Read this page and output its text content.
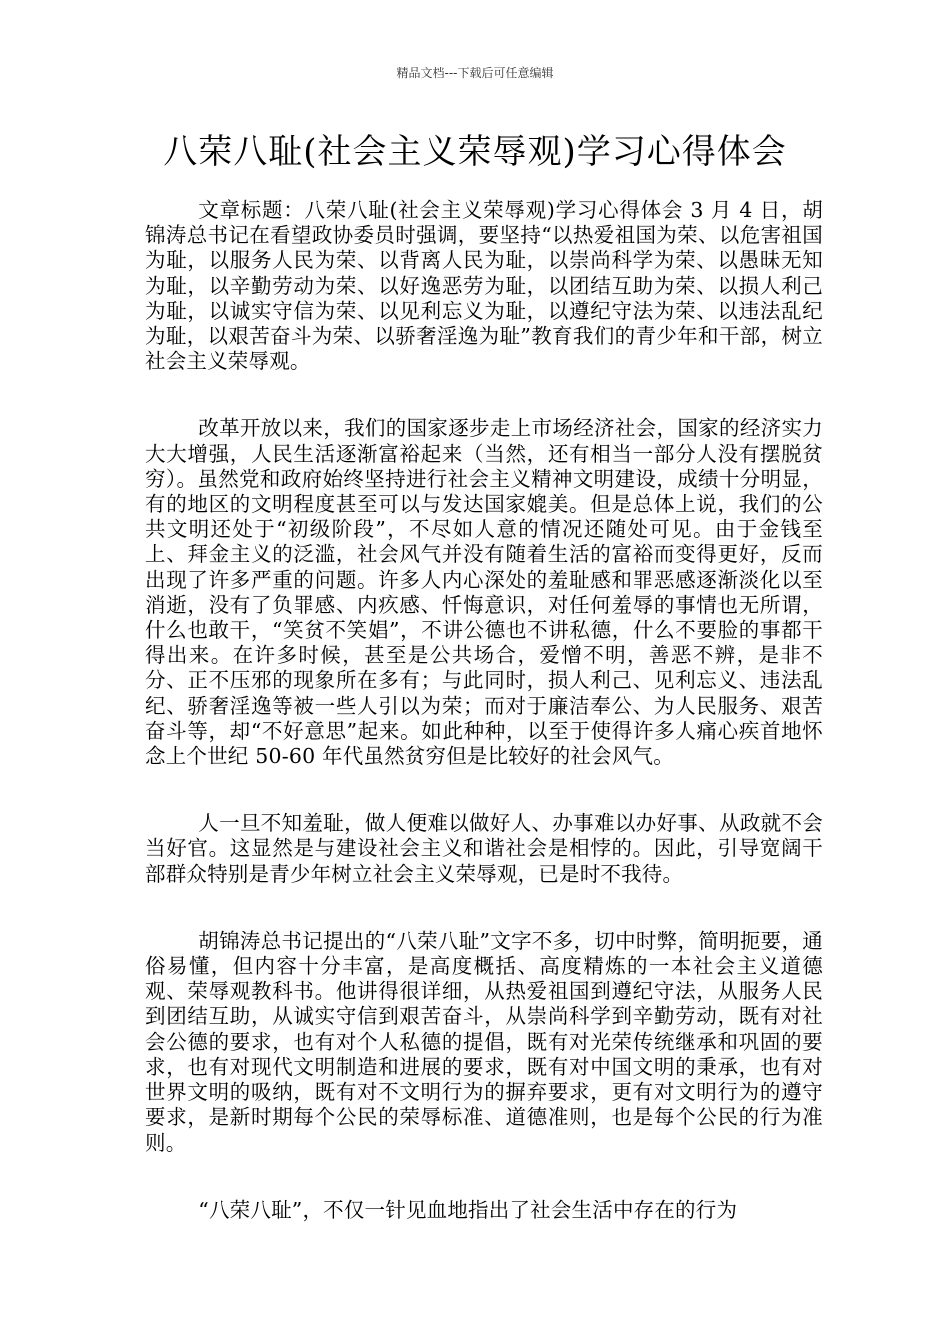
精品文档---下载后可任意编辑
八荣八耻(社会主义荣辱观)学习心得体会

文章标题：八荣八耻(社会主义荣辱观)学习心得体会 3 月 4 日，胡锦涛总书记在看望政协委员时强调，要坚持“以热爱祖国为荣、以危害祖国为耻，以服务人民为荣、以背离人民为耻，以崇尚科学为荣、以愚昧无知为耻，以辛勤劳动为荣、以好逸恶劳为耻，以团结互助为荣、以损人利己为耻，以诚实守信为荣、以见利忘义为耻，以遵纪守法为荣、以违法乱纪为耻，以艰苦奋斗为荣、以骄奢淫逸为耻”教育我们的青少年和干部，树立社会主义荣辱观。

改革开放以来，我们的国家逐步走上市场经济社会，国家的经济实力大大增强，人民生活逐渐富裕起来（当然，还有相当一部分人没有摆脱贫穷）。虽然党和政府始终坚持进行社会主义精神文明建设，成绩十分明显，有的地区的文明程度甚至可以与发达国家媲美。但是总体上说，我们的公共文明还处于“初级阶段”，不尽如人意的情况还随处可见。由于金钱至上、拜金主义的泛滥，社会风气并没有随着生活的富裕而变得更好，反而出现了许多严重的问题。许多人内心深处的羞耻感和罪恶感逐渐淡化以至消逝，没有了负罪感、内疚感、忏悔意识，对任何羞辱的事情也无所谓，什么也敢干，“笑贫不笑娼”，不讲公德也不讲私德，什么不要脸的事都干得出来。在许多时候，甚至是公共场合，爱憎不明，善恶不辨，是非不分、正不压邪的现象所在多有；与此同时，损人利己、见利忘义、违法乱纪、骄奢淫逸等被一些人引以为荣；而对于廉洁奉公、为人民服务、艰苦奋斗等，却“不好意思”起来。如此种种，以至于使得许多人痛心疾首地怀念上个世纪 50-60 年代虽然贫穷但是比较好的社会风气。

人一旦不知羞耻，做人便难以做好人、办事难以办好事、从政就不会当好官。这显然是与建设社会主义和谐社会是相悖的。因此，引导宽阔干部群众特别是青少年树立社会主义荣辱观，已是时不我待。

胡锦涛总书记提出的“八荣八耻”文字不多，切中时弊，简明扼要，通俗易懂，但内容十分丰富，是高度概括、高度精炼的一本社会主义道德观、荣辱观教科书。他讲得很详细，从热爱祖国到遵纪守法，从服务人民到团结互助，从诚实守信到艰苦奋斗，从崇尚科学到辛勤劳动，既有对社会公德的要求，也有对个人私德的提倡，既有对光荣传统继承和巩固的要求，也有对现代文明制造和进展的要求，既有对中国文明的秉承，也有对世界文明的吸纳，既有对不文明行为的摒弃要求，更有对文明行为的遵守要求，是新时期每个公民的荣辱标准、道德准则，也是每个公民的行为准则。

“八荣八耻”，不仅一针见血地指出了社会生活中存在的行为
